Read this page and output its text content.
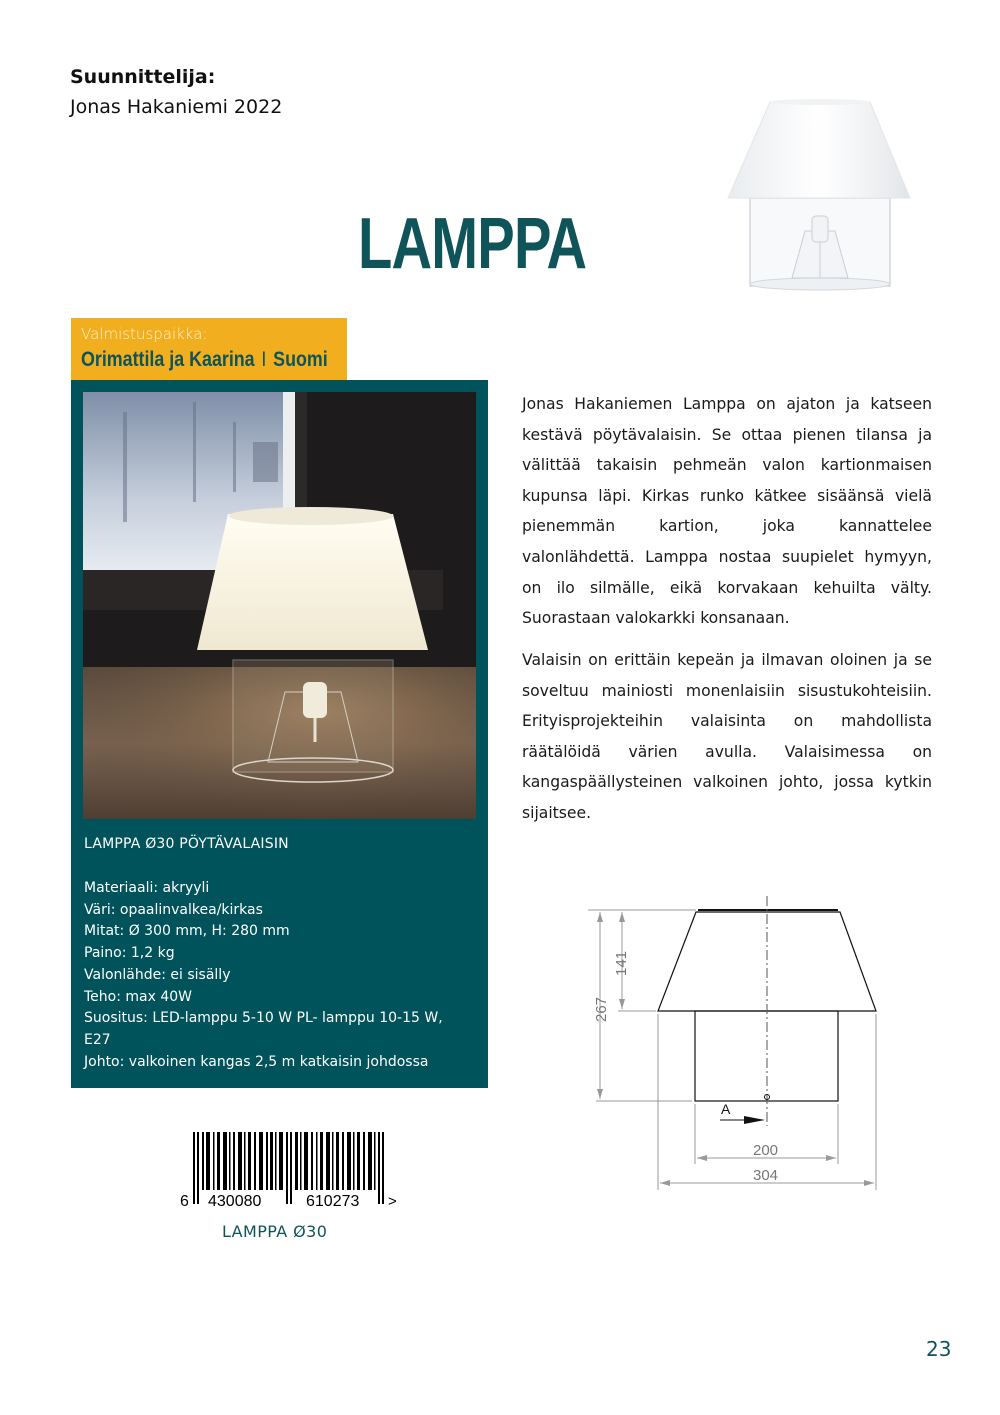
Suunnittelija:
Jonas Hakaniemi 2022
LAMPPA
Valmistuspaikka:
Orimattila ja Kaarina I Suomi
LAMPPA Ø30 PÖYTÄVALAISIN
Materiaali: akryyli
Väri: opaalinvalkea/kirkas
Mitat: Ø 300 mm, H: 280 mm
Paino: 1,2 kg
Valonlähde: ei sisälly
Teho: max 40W
Suositus: LED-lamppu 5-10 W PL- lamppu 10-15 W,
E27
Johto: valkoinen kangas 2,5 m katkaisin johdossa

Jonas Hakaniemen Lamppa on ajaton ja katseen kestävä pöytävalaisin. Se ottaa pienen tilansa ja välittää takaisin pehmeän valon kartionmaisen kupunsa läpi. Kirkas runko kätkee sisäänsä vielä pienemmän kartion, joka kannattelee valonlähdettä. Lamppa nostaa suupielet hymyyn, on ilo silmälle, eikä korvakaan kehuilta välty. Suorastaan valokarkki konsanaan.

Valaisin on erittäin kepeän ja ilmavan oloinen ja se soveltuu mainiosti monenlaisiin sisustukohteisiin. Erityisprojekteihin valaisinta on mahdollista räätälöidä värien avulla. Valaisimessa on kangaspäällysteinen valkoinen johto, jossa kytkin sijaitsee.

267
141
200
304
A
6 430080	610273 >
LAMPPA Ø30
23
